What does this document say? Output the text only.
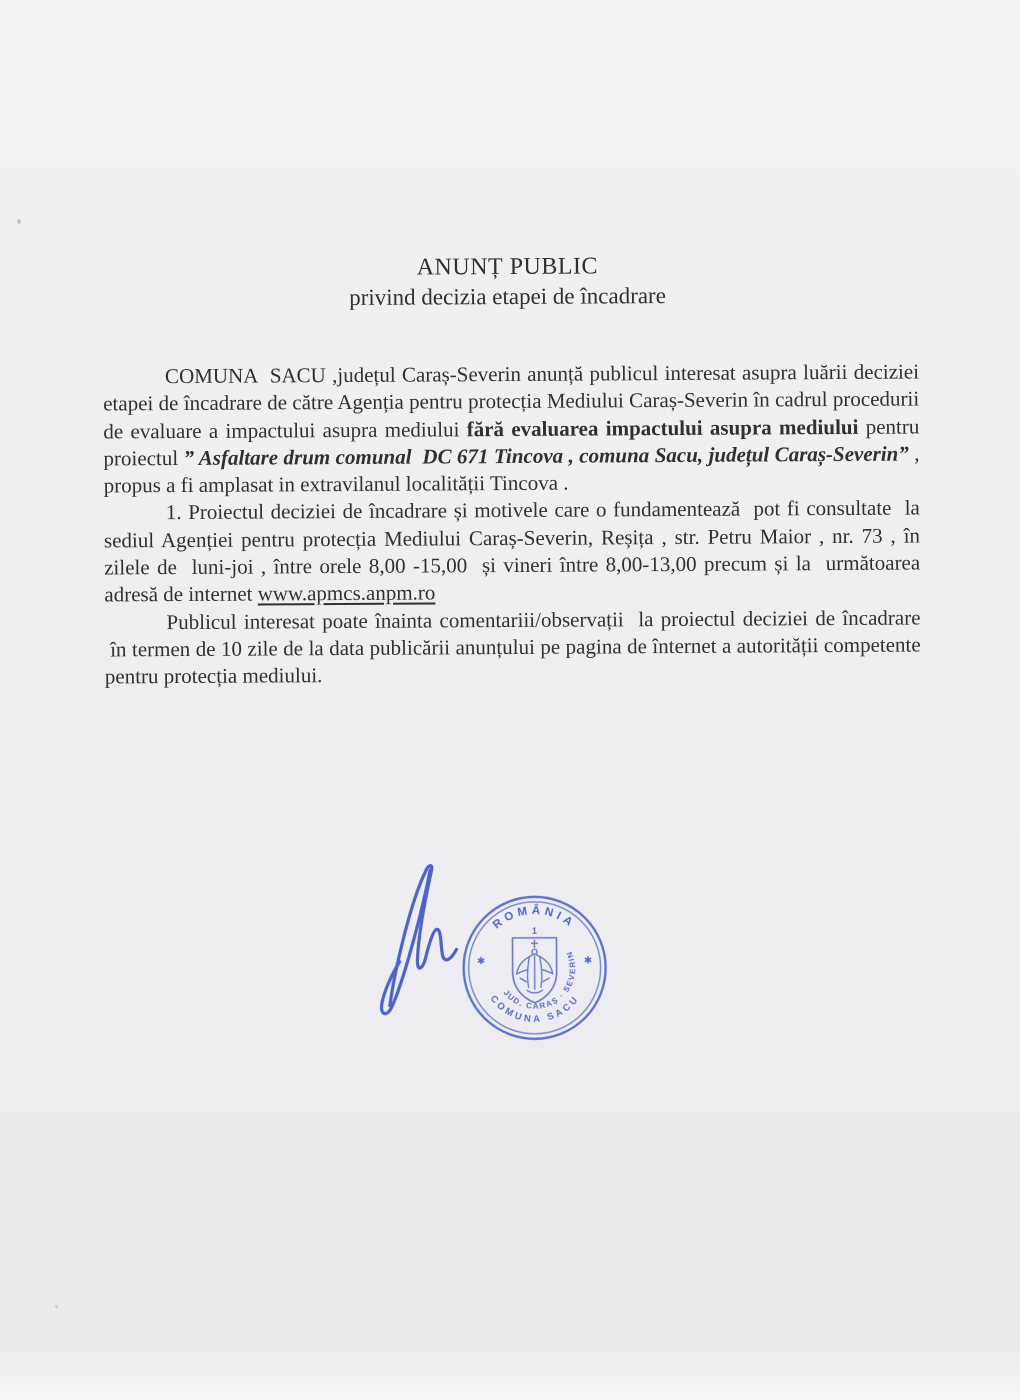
ANUNȚ PUBLIC
privind decizia etapei de încadrare

COMUNA  SACU ,județul Caraș-Severin anunță publicul interesat asupra luării deciziei etapei de încadrare de către Agenția pentru protecția Mediului Caraș-Severin în cadrul procedurii de evaluare a impactului asupra mediului fără evaluarea impactului asupra mediului pentru proiectul ” Asfaltare drum comunal  DC 671 Tincova , comuna Sacu, județul Caraș-Severin” , propus a fi amplasat in extravilanul localității Tincova .

1. Proiectul deciziei de încadrare și motivele care o fundamentează  pot fi consultate  la sediul Agenției pentru protecția Mediului Caraș-Severin, Reșița , str. Petru Maior , nr. 73 , în zilele de  luni-joi , între orele 8,00 -15,00  și vineri între 8,00-13,00 precum și la  următoarea adresă de internet www.apmcs.anpm.ro

Publicul interesat poate înainta comentariii/observații  la proiectul deciziei de încadrare  în termen de 10 zile de la data publicării anunțului pe pagina de înternet a autorității competente pentru protecția mediului.

ROMÂNIA
COMUNA SACU
JUD. CARAȘ · SEVERIN
✱	✱
1
